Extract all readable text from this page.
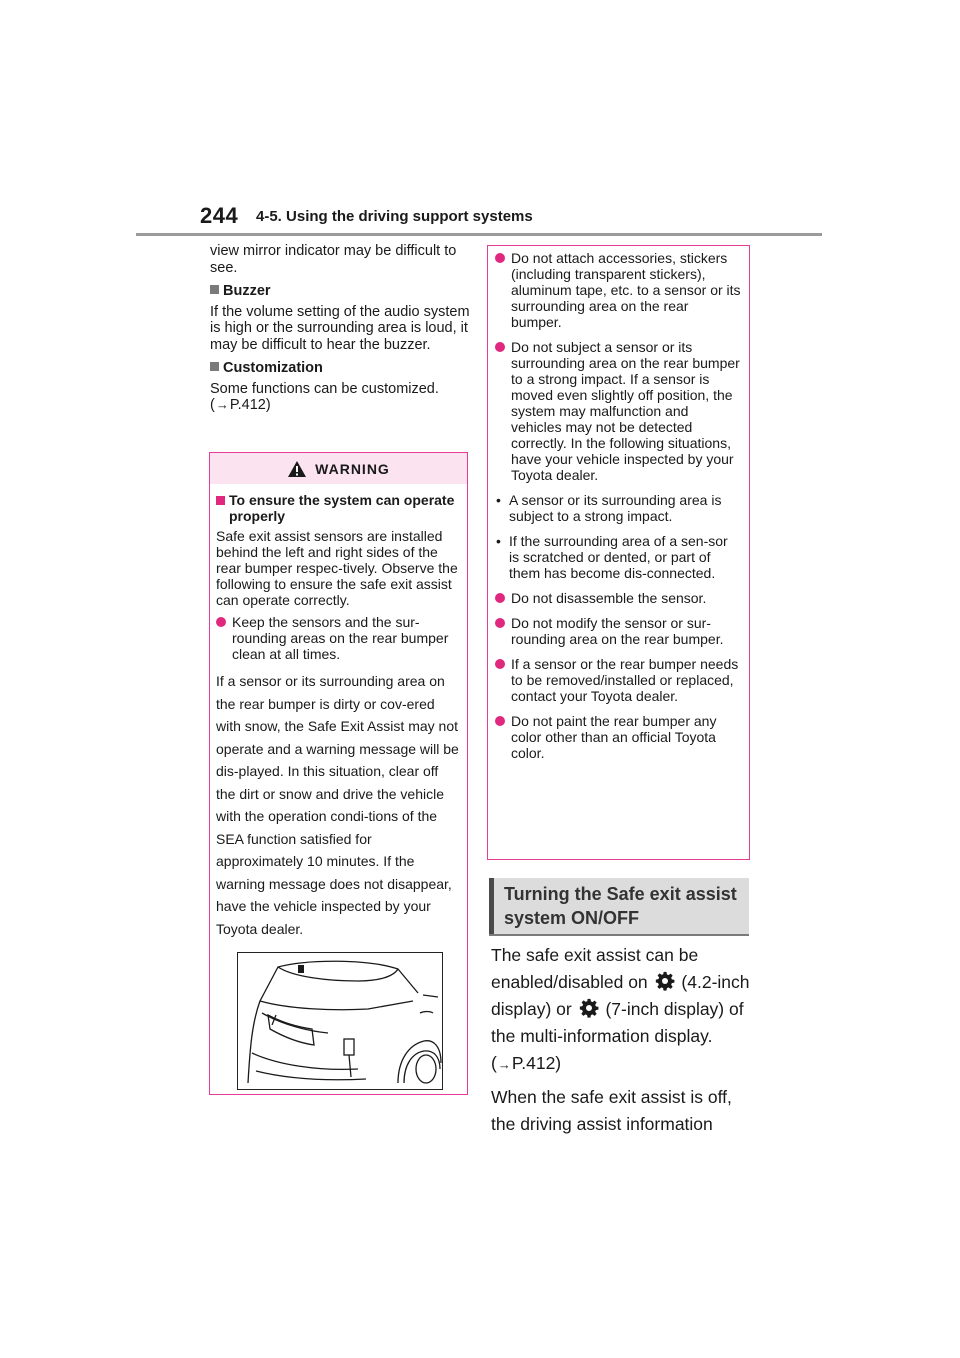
244 4-5. Using the driving support systems

view mirror indicator may be difficult to see.

Buzzer

If the volume setting of the audio system is high or the surrounding area is loud, it may be difficult to hear the buzzer.

Customization

Some functions can be customized.
(→P.412)

WARNING
To ensure the system can operate properly

Safe exit assist sensors are installed behind the left and right sides of the rear bumper respec-tively. Observe the following to ensure the safe exit assist can operate correctly.

Keep the sensors and the sur-rounding areas on the rear bumper clean at all times.

If a sensor or its surrounding area on the rear bumper is dirty or cov-ered with snow, the Safe Exit Assist may not operate and a warning message will be dis-played. In this situation, clear off the dirt or snow and drive the vehicle with the operation condi-tions of the SEA function satisfied for approximately 10 minutes. If the warning message does not disappear, have the vehicle inspected by your Toyota dealer.

Do not attach accessories, stickers (including transparent stickers), aluminum tape, etc. to a sensor or its surrounding area on the rear bumper.
Do not subject a sensor or its surrounding area on the rear bumper to a strong impact. If a sensor is moved even slightly off position, the system may malfunction and vehicles may not be detected correctly. In the following situations, have your vehicle inspected by your Toyota dealer.
• A sensor or its surrounding area is subject to a strong impact.
• If the surrounding area of a sen-sor is scratched or dented, or part of them has become dis-connected.
Do not disassemble the sensor.
Do not modify the sensor or sur-rounding area on the rear bumper.
If a sensor or the rear bumper needs to be removed/installed or replaced, contact your Toyota dealer.
Do not paint the rear bumper any color other than an official Toyota color.
Turning the Safe exit assist system ON/OFF

The safe exit assist can be enabled/disabled on (4.2-inch display) or (7-inch display) of the multi-information display. (→P.412)

When the safe exit assist is off, the driving assist information
